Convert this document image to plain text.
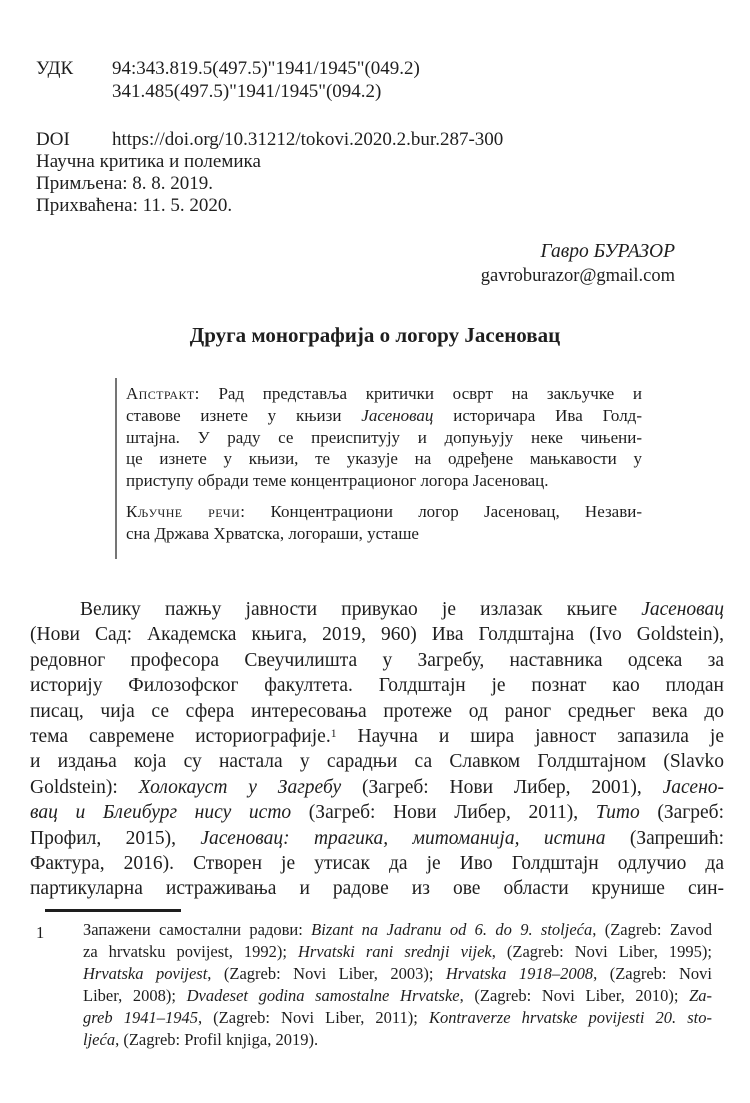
УДК	94:343.819.5(497.5)"1941/1945"(049.2)
341.485(497.5)"1941/1945"(094.2)
DOI	https://doi.org/10.31212/tokovi.2020.2.bur.287-300
Научна критика и полемика
Примљена: 8. 8. 2019.
Прихваћена: 11. 5. 2020.
Гавро БУРАЗОР
gavroburazor@gmail.com
Друга монографија о логору Јасеновац
Апстракт: Рад представља критички осврт на закључке и
ставове изнете у књизи Јасеновац историчара Ива Голд-
штајна. У раду се преиспитују и допуњују неке чињени-
це изнете у књизи, те указује на одређене мањкавости у
приступу обради теме концентрационог логора Јасеновац.
Кључне речи: Концентрациони логор Јасеновац, Незави-
сна Држава Хрватска, логораши, усташе
Велику пажњу јавности привукао је излазак књиге Јасеновац
(Нови Сад: Академска књига, 2019, 960) Ива Голдштајна (Ivo Goldstein),
редовног професора Свеучилишта у Загребу, наставника одсека за
историју Филозофског факултета. Голдштајн је познат као плодан
писац, чија се сфера интересовања протеже од раног средњег века до
тема савремене историографије.$^1$ Научна и шира јавност запазила је
и издања која су настала у сарадњи са Славком Голдштајном (Slavko
Goldstein): Холокауст у Загребу (Загреб: Нови Либер, 2001), Јасено-
вац и Блеибург нису исто (Загреб: Нови Либер, 2011), Тито (Загреб:
Профил, 2015), Јасеновац: трагика, митоманија, истина (Запрешић:
Фактура, 2016). Створен је утисак да је Иво Голдштајн одлучио да
партикуларна истраживања и радове из ове области крунише син-
1	Запажени самостални радови: Bizant na Jadranu od 6. do 9. stoljeća, (Zagreb: Zavod
za hrvatsku povijest, 1992); Hrvatski rani srednji vijek, (Zagreb: Novi Liber, 1995);
Hrvatska povijest, (Zagreb: Novi Liber, 2003); Hrvatska 1918–2008, (Zagreb: Novi
Liber, 2008); Dvadeset godina samostalne Hrvatske, (Zagreb: Novi Liber, 2010); Za-
greb 1941–1945, (Zagreb: Novi Liber, 2011); Kontraverze hrvatske povijesti 20. sto-
ljeća, (Zagreb: Profil knjiga, 2019).
